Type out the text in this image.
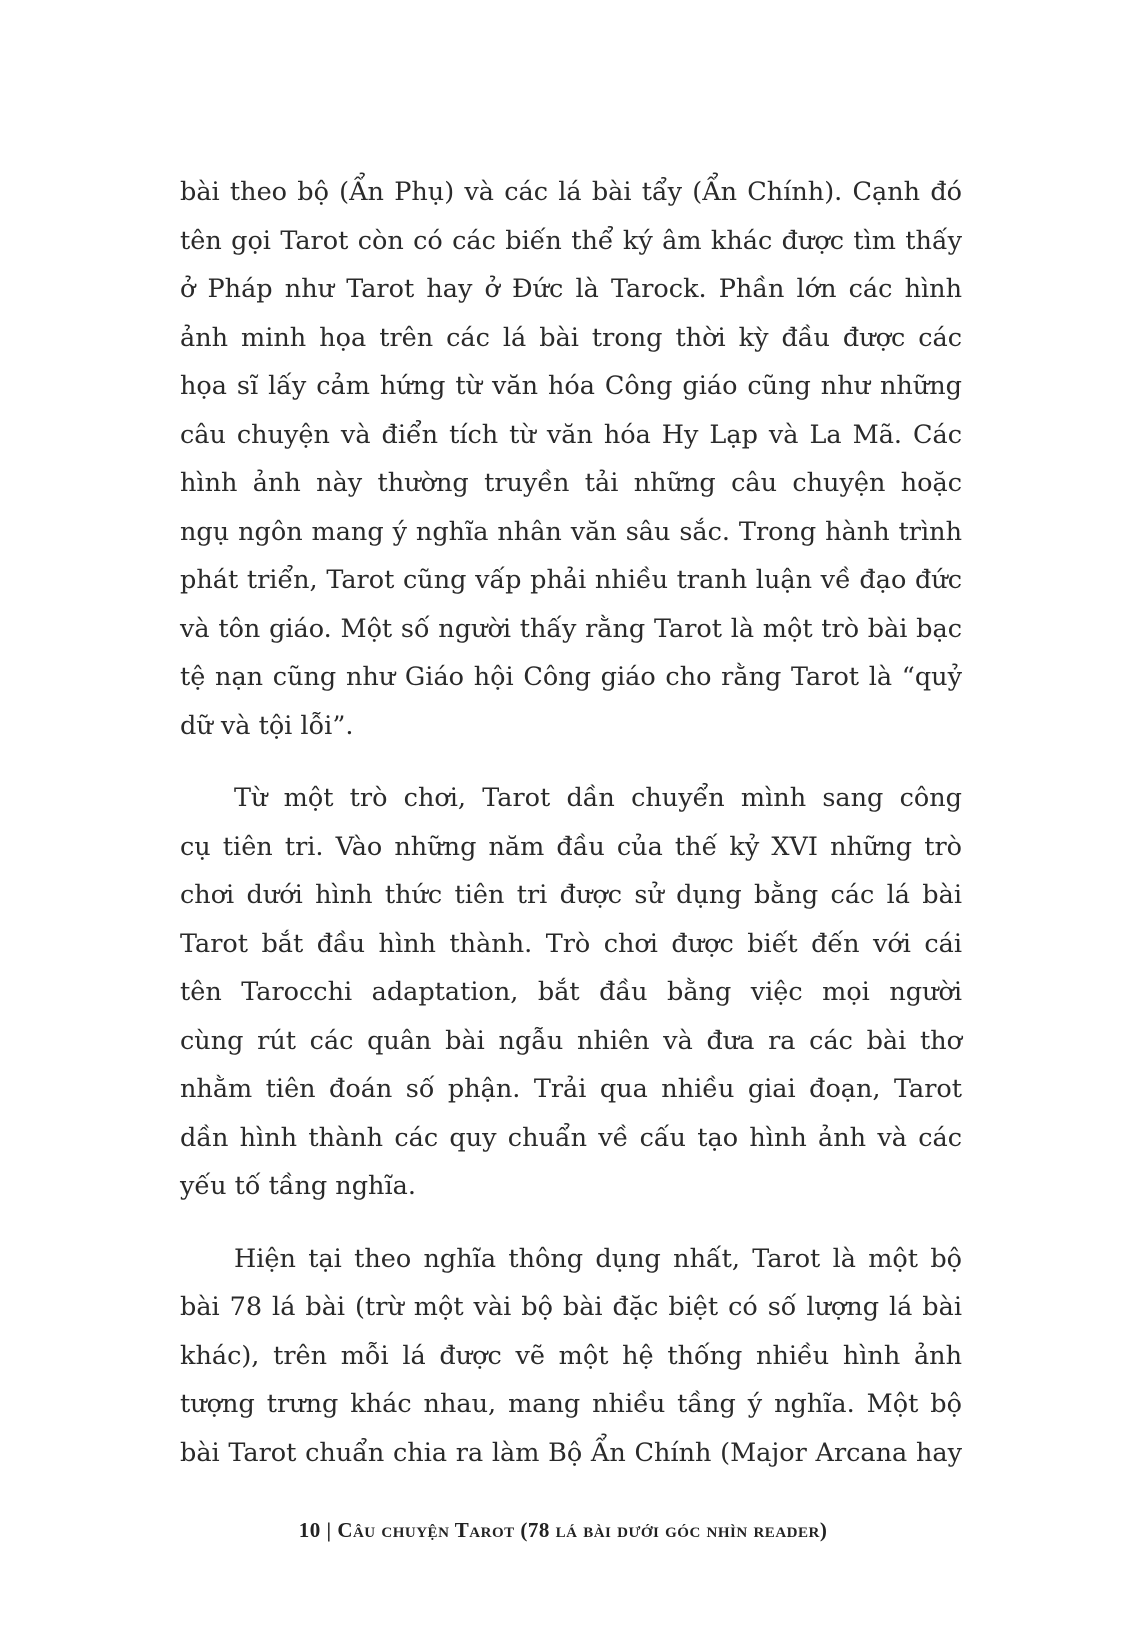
bài theo bộ (Ẩn Phụ) và các lá bài tẩy (Ẩn Chính). Cạnh đó
tên gọi Tarot còn có các biến thể ký âm khác được tìm thấy
ở Pháp như Tarot hay ở Đức là Tarock. Phần lớn các hình
ảnh minh họa trên các lá bài trong thời kỳ đầu được các
họa sĩ lấy cảm hứng từ văn hóa Công giáo cũng như những
câu chuyện và điển tích từ văn hóa Hy Lạp và La Mã. Các
hình ảnh này thường truyền tải những câu chuyện hoặc
ngụ ngôn mang ý nghĩa nhân văn sâu sắc. Trong hành trình
phát triển, Tarot cũng vấp phải nhiều tranh luận về đạo đức
và tôn giáo. Một số người thấy rằng Tarot là một trò bài bạc
tệ nạn cũng như Giáo hội Công giáo cho rằng Tarot là “quỷ
dữ và tội lỗi”.
Từ một trò chơi, Tarot dần chuyển mình sang công
cụ tiên tri. Vào những năm đầu của thế kỷ XVI những trò
chơi dưới hình thức tiên tri được sử dụng bằng các lá bài
Tarot bắt đầu hình thành. Trò chơi được biết đến với cái
tên Tarocchi adaptation, bắt đầu bằng việc mọi người
cùng rút các quân bài ngẫu nhiên và đưa ra các bài thơ
nhằm tiên đoán số phận. Trải qua nhiều giai đoạn, Tarot
dần hình thành các quy chuẩn về cấu tạo hình ảnh và các
yếu tố tầng nghĩa.
Hiện tại theo nghĩa thông dụng nhất, Tarot là một bộ
bài 78 lá bài (trừ một vài bộ bài đặc biệt có số lượng lá bài
khác), trên mỗi lá được vẽ một hệ thống nhiều hình ảnh
tượng trưng khác nhau, mang nhiều tầng ý nghĩa. Một bộ
bài Tarot chuẩn chia ra làm Bộ Ẩn Chính (Major Arcana hay
10 | Câu chuyện Tarot (78 lá bài dưới góc nhìn reader)
